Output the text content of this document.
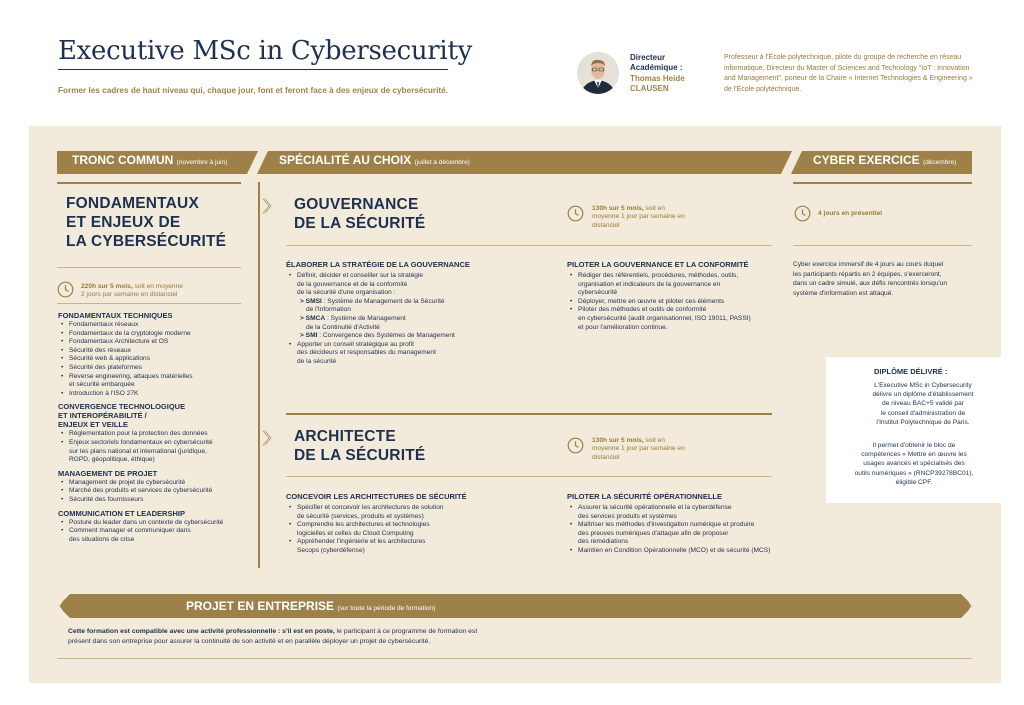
Executive MSc in Cybersecurity
Former les cadres de haut niveau qui, chaque jour, font et feront face à des enjeux de cybersécurité.
Directeur
Académique :
Thomas Heide
CLAUSEN
Professeur à l'École polytechnique, pilote du groupe de recherche en réseau
informatique, Directeur du Master of Sciences and Technology "IoT : Innovation
and Management", porteur de la Chaire « Internet Technologies & Engineering »
de l'École polytechnique.
TRONC COMMUN (novembre à juin)	SPÉCIALITÉ AU CHOIX (juillet à décembre)	CYBER EXERCICE (décembre)
FONDAMENTAUX
ET ENJEUX DE
LA CYBERSÉCURITÉ
220h sur 5 mois, soit en moyenne
2 jours par semaine en distanciel
FONDAMENTAUX TECHNIQUES
• Fondamentaux réseaux
• Fondamentaux de la cryptologie moderne
• Fondamentaux Architecture et OS
• Sécurité des réseaux
• Sécurité web & applications
• Sécurité des plateformes
• Reverse engineering, attaques matérielles
et sécurité embarquée
• Introduction à l'ISO 27K
CONVERGENCE TECHNOLOGIQUE
ET INTEROPÉRABILITÉ /
ENJEUX ET VEILLE
• Réglementation pour la protection des données
• Enjeux sectoriels fondamentaux en cybersécurité
sur les plans national et international (juridique,
RGPD, géopolitique, éthique)
MANAGEMENT DE PROJET
• Management de projet de cybersécurité
• Marché des produits et services de cybersécurité
• Sécurité des fournisseurs
COMMUNICATION ET LEADERSHIP
• Posture du leader dans un contexte de cybersécurité
• Comment manager et communiquer dans
des situations de crise
〉〉 GOUVERNANCE
DE LA SÉCURITÉ
130h sur 5 mois, soit en
moyenne 1 jour par semaine en
distanciel
ÉLABORER LA STRATÉGIE DE LA GOUVERNANCE
• Définir, décider et conseiller sur la stratégie
de la gouvernance et de la conformité
de la sécurité d'une organisation :
> SMSI : Système de Management de la Sécurité
de l'Information
> SMCA : Système de Management
de la Continuité d'Activité
> SMI : Convergence des Systèmes de Management
• Apporter un conseil stratégique au profit
des décideurs et responsables du management
de la sécurité
PILOTER LA GOUVERNANCE ET LA CONFORMITÉ
• Rédiger des référentiels, procédures, méthodes, outils,
organisation et indicateurs de la gouvernance en
cybersécurité
• Déployer, mettre en œuvre et piloter ces éléments
• Piloter des méthodes et outils de conformité
en cybersécurité (audit organisationnel, ISO 19011, PASSI)
et pour l'amélioration continue.
〉〉 ARCHITECTE
DE LA SÉCURITÉ
130h sur 5 mois, soit en
moyenne 1 jour par semaine en
distanciel
CONCEVOIR LES ARCHITECTURES DE SÉCURITÉ
• Spécifier et concevoir les architectures de solution
de sécurité (services, produits et systèmes)
• Comprendre les architectures et technologies
logicielles et celles du Cloud Computing
• Appréhender l'ingénierie et les architectures
Secops (cyberdéfense)
PILOTER LA SÉCURITÉ OPÉRATIONNELLE
• Assurer la sécurité opérationnelle et la cyberdéfense
des services produits et systèmes
• Maîtriser les méthodes d'investigation numérique et produire
des preuves numériques d'attaque afin de proposer
des remédiations
• Maintien en Condition Opérationnelle (MCO) et de sécurité (MCS)
4 jours en présentiel
Cyber exercice immersif de 4 jours au cours duquel
les participants répartis en 2 équipes, s'exerceront,
dans un cadre simulé, aux défis rencontrés lorsqu'un
système d'information est attaqué.
DIPLÔME DÉLIVRÉ :
L'Executive MSc in Cybersecurity
délivre un diplôme d'établissement
de niveau BAC+5 validé par
le conseil d'administration de
l'Institut Polytechnique de Paris.
Il permet d'obtenir le bloc de
compétences « Mettre en œuvre les
usages avancés et spécialisés des
outils numériques » (RNCP39278BC01),
éligible CPF.
PROJET EN ENTREPRISE (sur toute la période de formation)
Cette formation est compatible avec une activité professionnelle : s'il est en poste, le participant à ce programme de formation est
présent dans son entreprise pour assurer la continuité de son activité et en parallèle déployer un projet de cybersécurité.
